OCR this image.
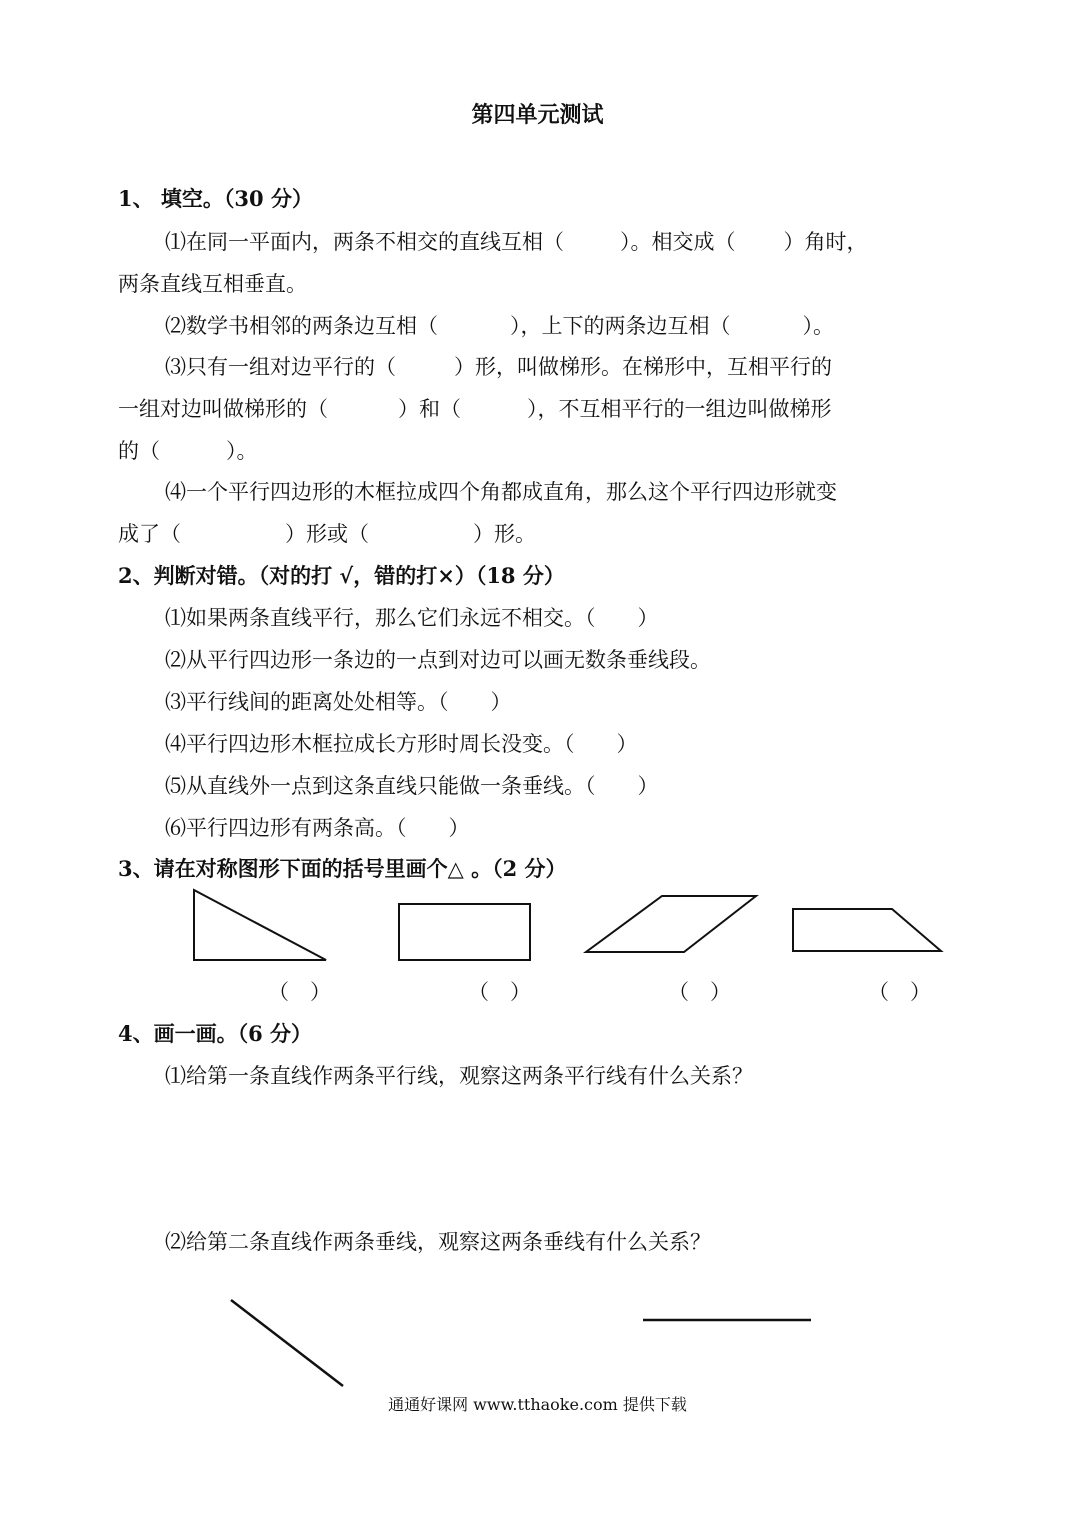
第四单元测试
1、 填空。（30 分）
⑴在同一平面内，两条不相交的直线互相（	）。相交成（ ）角时，
两条直线互相垂直。
⑵数学书相邻的两条边互相（	），上下的两条边互相（	）。
⑶只有一组对边平行的（	）形，叫做梯形。在梯形中，互相平行的
一组对边叫做梯形的（	）和（	），不互相平行的一组边叫做梯形
的（	）。
⑷一个平行四边形的木框拉成四个角都成直角，那么这个平行四边形就变
成了（	）形或（	）形。
2、判断对错。（对的打 √，错的打×）（18 分）
⑴如果两条直线平行，那么它们永远不相交。（　　）
⑵从平行四边形一条边的一点到对边可以画无数条垂线段。
⑶平行线间的距离处处相等。（　　）
⑷平行四边形木框拉成长方形时周长没变。（　　）
⑸从直线外一点到这条直线只能做一条垂线。（　　）
⑹平行四边形有两条高。（　　）
3、请在对称图形下面的括号里画个△ 。（2 分）
（　）	（　）	（　）	（　）
4、画一画。（6 分）
⑴给第一条直线作两条平行线，观察这两条平行线有什么关系？
⑵给第二条直线作两条垂线，观察这两条垂线有什么关系？
通通好课网 www.tthaoke.com 提供下载
